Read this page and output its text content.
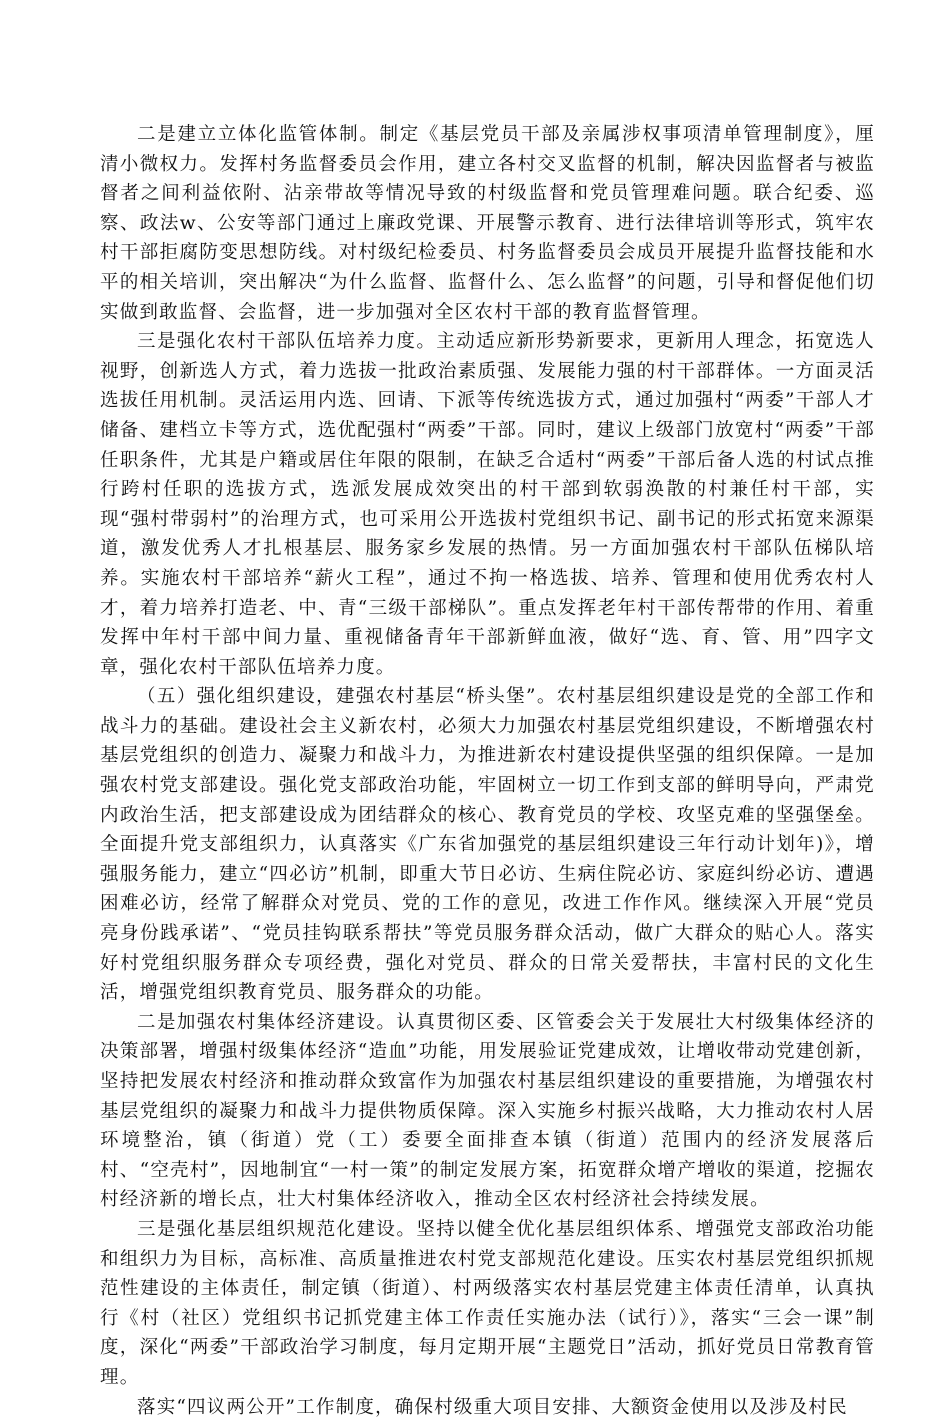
二是建立立体化监管体制。制定《基层党员干部及亲属涉权事项清单管理制度》，厘清小微权力。发挥村务监督委员会作用，建立各村交叉监督的机制，解决因监督者与被监督者之间利益依附、沾亲带故等情况导致的村级监督和党员管理难问题。联合纪委、巡察、政法w、公安等部门通过上廉政党课、开展警示教育、进行法律培训等形式，筑牢农村干部拒腐防变思想防线。对村级纪检委员、村务监督委员会成员开展提升监督技能和水平的相关培训，突出解决“为什么监督、监督什么、怎么监督”的问题，引导和督促他们切实做到敢监督、会监督，进一步加强对全区农村干部的教育监督管理。

三是强化农村干部队伍培养力度。主动适应新形势新要求，更新用人理念，拓宽选人视野，创新选人方式，着力选拔一批政治素质强、发展能力强的村干部群体。一方面灵活选拔任用机制。灵活运用内选、回请、下派等传统选拔方式，通过加强村“两委”干部人才储备、建档立卡等方式，选优配强村“两委”干部。同时，建议上级部门放宽村“两委”干部任职条件，尤其是户籍或居住年限的限制，在缺乏合适村“两委”干部后备人选的村试点推行跨村任职的选拔方式，选派发展成效突出的村干部到软弱涣散的村兼任村干部，实现“强村带弱村”的治理方式，也可采用公开选拔村党组织书记、副书记的形式拓宽来源渠道，激发优秀人才扎根基层、服务家乡发展的热情。另一方面加强农村干部队伍梯队培养。实施农村干部培养“薪火工程”，通过不拘一格选拔、培养、管理和使用优秀农村人才，着力培养打造老、中、青“三级干部梯队”。重点发挥老年村干部传帮带的作用、着重发挥中年村干部中间力量、重视储备青年干部新鲜血液，做好“选、育、管、用”四字文章，强化农村干部队伍培养力度。

（五）强化组织建设，建强农村基层“桥头堡”。农村基层组织建设是党的全部工作和战斗力的基础。建设社会主义新农村，必须大力加强农村基层党组织建设，不断增强农村基层党组织的创造力、凝聚力和战斗力，为推进新农村建设提供坚强的组织保障。一是加强农村党支部建设。强化党支部政治功能，牢固树立一切工作到支部的鲜明导向，严肃党内政治生活，把支部建设成为团结群众的核心、教育党员的学校、攻坚克难的坚强堡垒。全面提升党支部组织力，认真落实《广东省加强党的基层组织建设三年行动计划年)》，增强服务能力，建立“四必访”机制，即重大节日必访、生病住院必访、家庭纠纷必访、遭遇困难必访，经常了解群众对党员、党的工作的意见，改进工作作风。继续深入开展“党员亮身份践承诺”、“党员挂钩联系帮扶”等党员服务群众活动，做广大群众的贴心人。落实好村党组织服务群众专项经费，强化对党员、群众的日常关爱帮扶，丰富村民的文化生活，增强党组织教育党员、服务群众的功能。

二是加强农村集体经济建设。认真贯彻区委、区管委会关于发展壮大村级集体经济的决策部署，增强村级集体经济“造血”功能，用发展验证党建成效，让增收带动党建创新，坚持把发展农村经济和推动群众致富作为加强农村基层组织建设的重要措施，为增强农村基层党组织的凝聚力和战斗力提供物质保障。深入实施乡村振兴战略，大力推动农村人居环境整治，镇（街道）党（工）委要全面排查本镇（街道）范围内的经济发展落后村、“空壳村”，因地制宜“一村一策”的制定发展方案，拓宽群众增产增收的渠道，挖掘农村经济新的增长点，壮大村集体经济收入，推动全区农村经济社会持续发展。

三是强化基层组织规范化建设。坚持以健全优化基层组织体系、增强党支部政治功能和组织力为目标，高标准、高质量推进农村党支部规范化建设。压实农村基层党组织抓规范性建设的主体责任，制定镇（街道）、村两级落实农村基层党建主体责任清单，认真执行《村（社区）党组织书记抓党建主体工作责任实施办法（试行）》，落实“三会一课”制度，深化“两委”干部政治学习制度，每月定期开展“主题党日”活动，抓好党员日常教育管理。

落实“四议两公开”工作制度，确保村级重大项目安排、大额资金使用以及涉及村民
